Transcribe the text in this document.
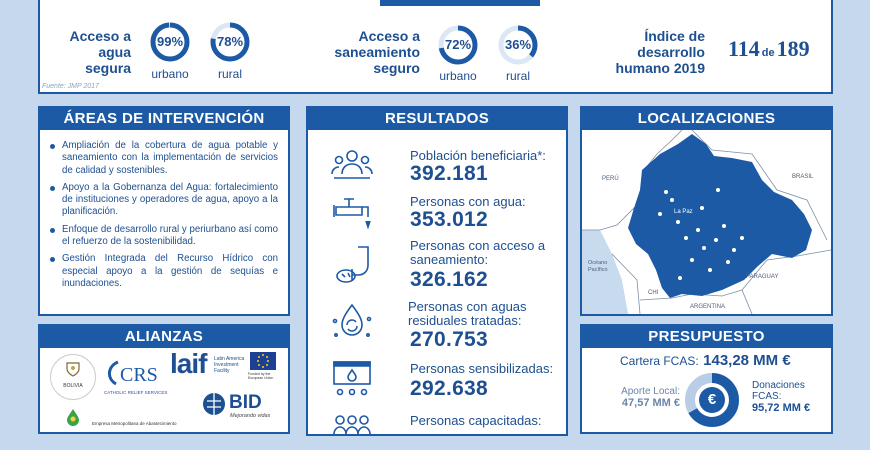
Acceso a
agua
segura
99%
urbano
78%
rural
Acceso a
saneamiento
seguro
72%
urbano
36%
rural
Índice de
desarrollo
humano 2019
114 de189
Fuente: JMP 2017
ÁREAS DE INTERVENCIÓN
Ampliación de la cobertura de agua potable y saneamiento con la implementación de servicios de calidad y sostenibles.
Apoyo a la Gobernanza del Agua: fortalecimiento de instituciones y operadores de agua, apoyo a la planificación.
Enfoque de desarrollo rural y periurbano así como el refuerzo de la sostenibilidad.
Gestión Integrada del Recurso Hídrico con especial apoyo a la gestión de sequías e inundaciones.
ALIANZAS
BOLIVIA	CRS
CATHOLIC RELIEF SERVICES
laif Latin America
Investment
Facility	Funded by the European Union
BID
Mejorando vidas
Empresa Metropolitana de Abastecimiento
RESULTADOS
Población beneficiaria*:
392.181
Personas con agua:
353.012
Personas con acceso a saneamiento:
326.162
Personas con aguas residuales tratadas:
270.753
Personas sensibilizadas:
292.638
Personas capacitadas:
LOCALIZACIONES
PERÚ	BRASIL
La Paz
Océano
Pacífico
PARAGUAY
CHI
ARGENTINA
PRESUPUESTO
Cartera FCAS: 143,28 MM €
Aporte Local:
47,57 MM €	€
Donaciones
FCAS:
95,72 MM €
